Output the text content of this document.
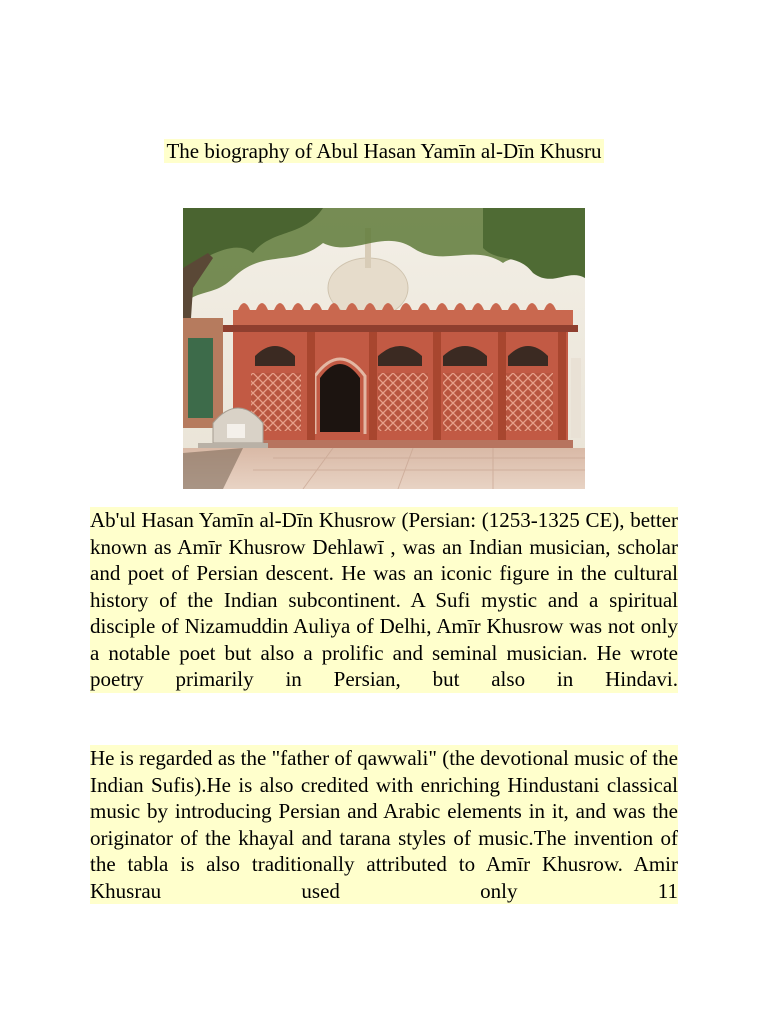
The biography of Abul Hasan Yamīn al-Dīn Khusru
Ab'ul Hasan Yamīn al-Dīn Khusrow (Persian: (1253-1325 CE), better known as Amīr Khusrow Dehlawī , was an Indian musician, scholar and poet of Persian descent. He was an iconic figure in the cultural history of the Indian subcontinent. A Sufi mystic and a spiritual disciple of Nizamuddin Auliya of Delhi, Amīr Khusrow was not only a notable poet but also a prolific and seminal musician. He wrote poetry primarily in Persian, but also in Hindavi.
He is regarded as the "father of qawwali" (the devotional music of the Indian Sufis).He is also credited with enriching Hindustani classical music by introducing Persian and Arabic elements in it, and was the originator of the khayal and tarana styles of music.The invention of the tabla is also traditionally attributed to Amīr Khusrow. Amir Khusrau used only 11
